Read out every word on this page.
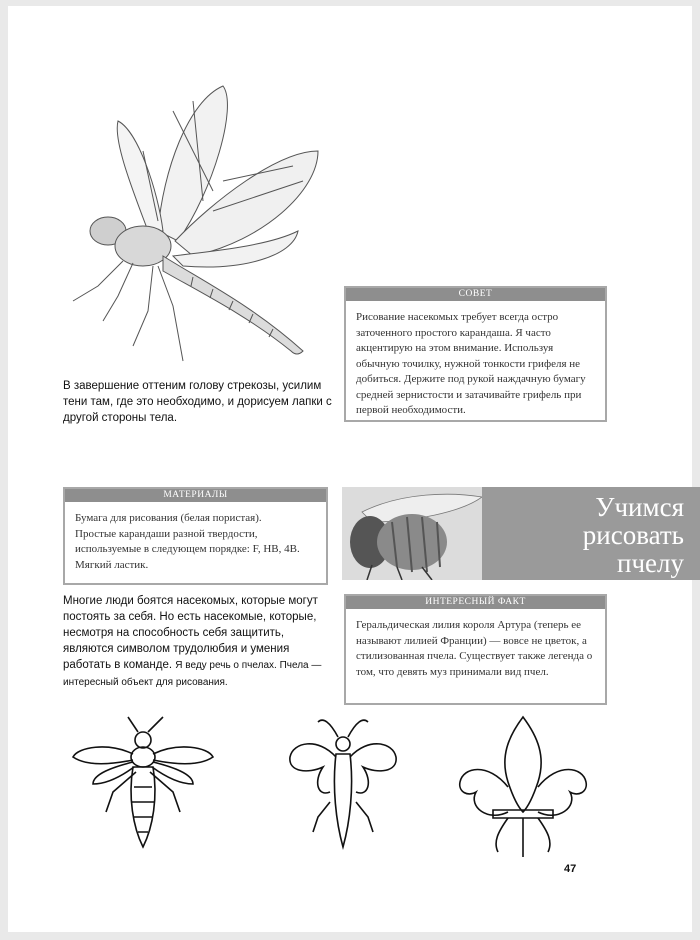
В завершение оттеним голову стрекозы, усилим тени там, где это необходимо, и дорисуем лапки с другой стороны тела.
СОВЕТ
Рисование насекомых требует всегда остро заточенного простого карандаша. Я часто акцентирую на этом внимание. Используя обычную точилку, нужной тонкости грифеля не добиться. Держите под рукой наждачную бумагу средней зернистости и затачивайте грифель при первой необходимости.
МАТЕРИАЛЫ
Бумага для рисования (белая пористая).
Простые карандаши разной твердости, используемые в следующем порядке: F, HB, 4B.
Мягкий ластик.
Учимся
рисовать
пчелу
Многие люди боятся насекомых, которые могут постоять за себя. Но есть насекомые, которые, несмотря на способность себя защитить, являются символом трудолюбия и умения работать в команде. Я веду речь о пчелах. Пчела — интересный объект для рисования.
ИНТЕРЕСНЫЙ ФАКТ
Геральдическая лилия короля Артура (теперь ее называют лилией Франции) — вовсе не цветок, а стилизованная пчела. Существует также легенда о том, что девять муз принимали вид пчел.
47
